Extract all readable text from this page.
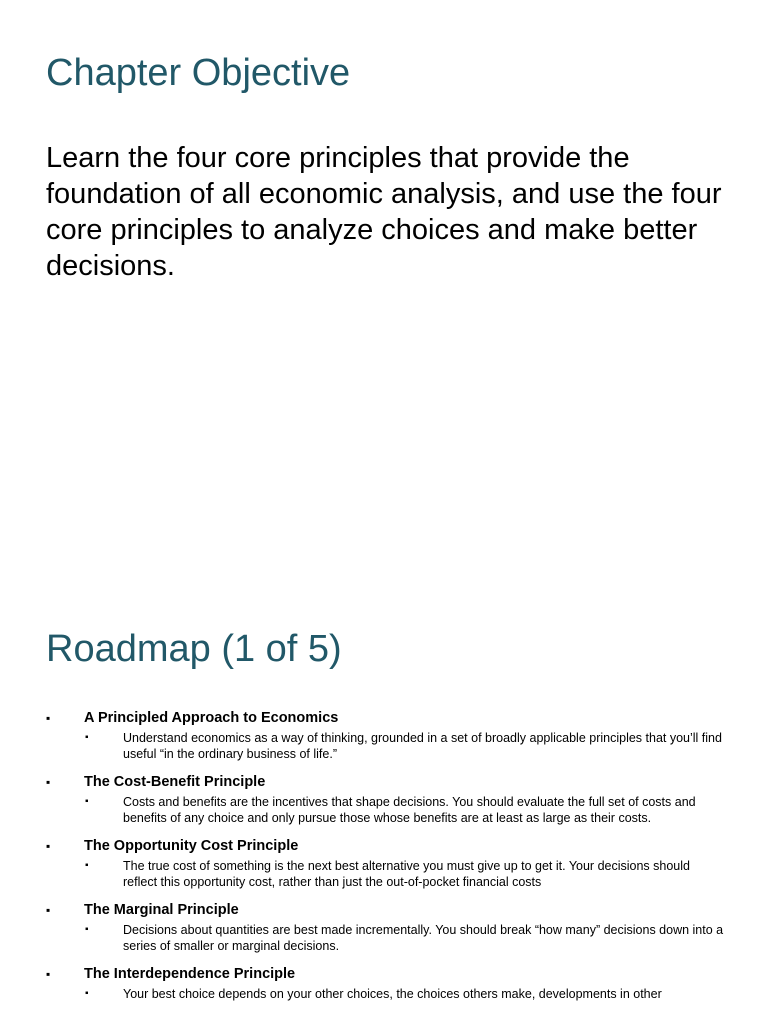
Chapter Objective

Learn the four core principles that provide the foundation of all economic analysis, and use the four core principles to analyze choices and make better decisions.

Roadmap (1 of 5)
▪ A Principled Approach to Economics
▪	Understand economics as a way of thinking, grounded in a set of broadly applicable principles that you’ll find useful “in the ordinary business of life.”
▪ The Cost-Benefit Principle
▪	Costs and benefits are the incentives that shape decisions. You should evaluate the full set of costs and benefits of any choice and only pursue those whose benefits are at least as large as their costs.
▪ The Opportunity Cost Principle
▪	The true cost of something is the next best alternative you must give up to get it. Your decisions should reflect this opportunity cost, rather than just the out-of-pocket financial costs
▪ The Marginal Principle
▪	Decisions about quantities are best made incrementally. You should break “how many” decisions down into a series of smaller or marginal decisions.
▪ The Interdependence Principle
▪	Your best choice depends on your other choices, the choices others make, developments in other
